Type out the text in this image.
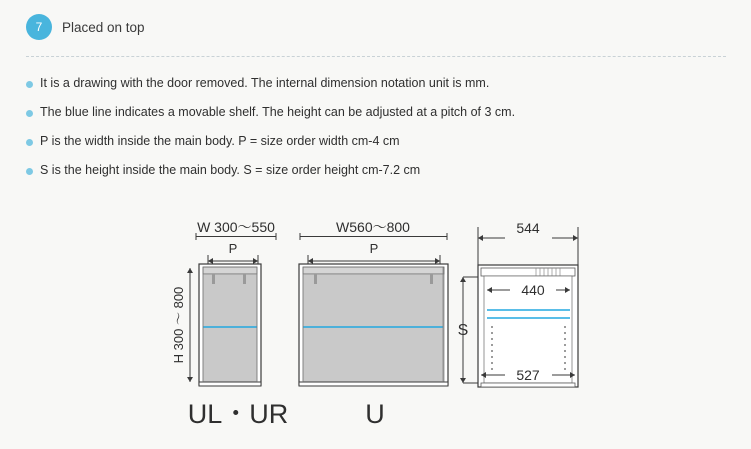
7	Placed on top
It is a drawing with the door removed. The internal dimension notation unit is mm.
The blue line indicates a movable shelf. The height can be adjusted at a pitch of 3 cm.
P is the width inside the main body. P = size order width cm-4 cm
S is the height inside the main body. S = size order height cm-7.2 cm
W 300〜550
P
H 300 〜 800
W560〜800
P
544
440
527
S
UL・UR	U
